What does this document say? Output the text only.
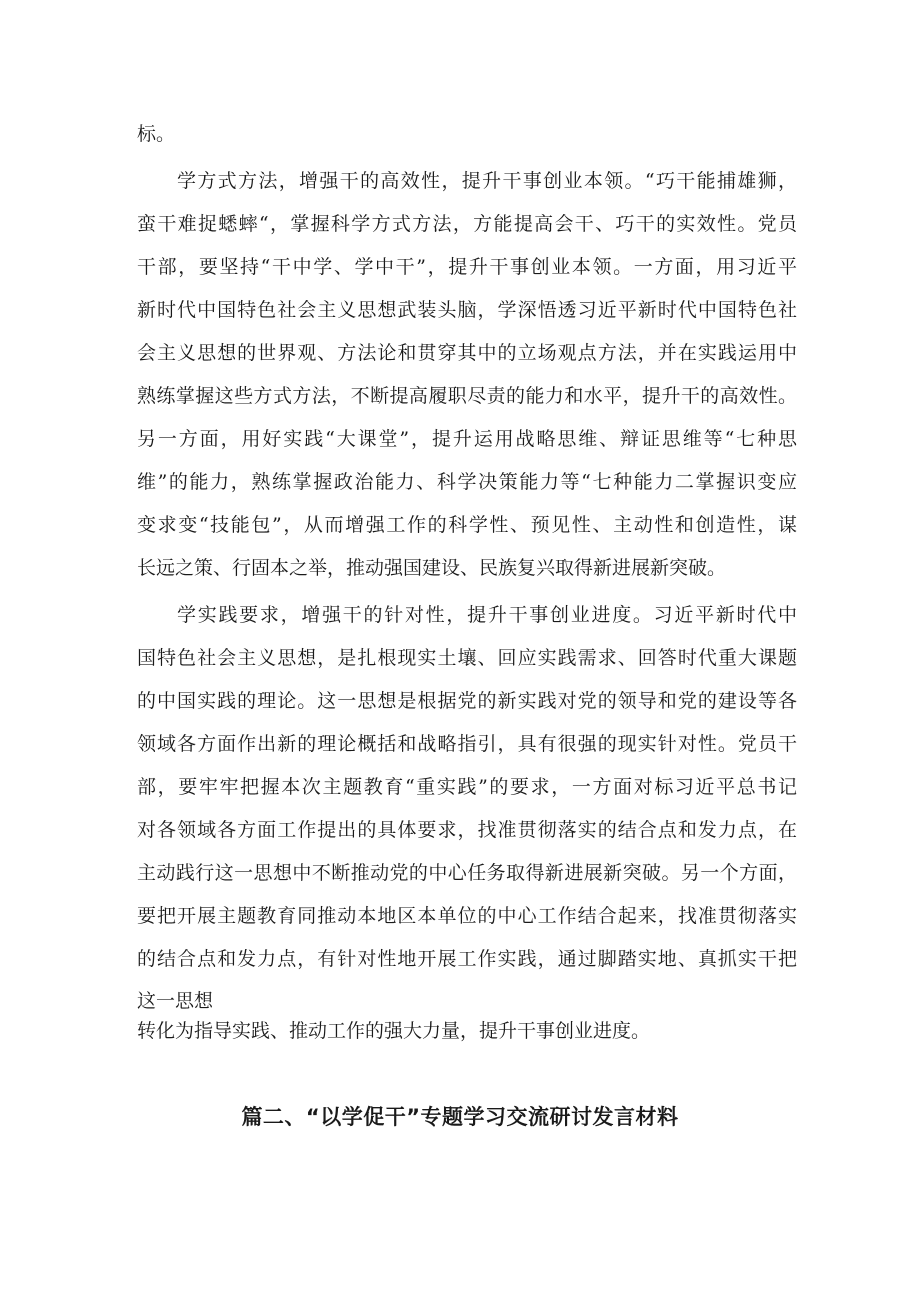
标。
学方式方法，增强干的高效性，提升干事创业本领。“巧干能捕雄狮，
蛮干难捉蟋蟀“，掌握科学方式方法，方能提高会干、巧干的实效性。党员
干部，要坚持“干中学、学中干”，提升干事创业本领。一方面，用习近平
新时代中国特色社会主义思想武装头脑，学深悟透习近平新时代中国特色社
会主义思想的世界观、方法论和贯穿其中的立场观点方法，并在实践运用中
熟练掌握这些方式方法，不断提高履职尽责的能力和水平，提升干的高效性。
另一方面，用好实践“大课堂”，提升运用战略思维、辩证思维等“七种思
维”的能力，熟练掌握政治能力、科学决策能力等“七种能力二掌握识变应
变求变“技能包”，从而增强工作的科学性、预见性、主动性和创造性，谋
长远之策、行固本之举，推动强国建设、民族复兴取得新进展新突破。
学实践要求，增强干的针对性，提升干事创业进度。习近平新时代中
国特色社会主义思想，是扎根现实土壤、回应实践需求、回答时代重大课题
的中国实践的理论。这一思想是根据党的新实践对党的领导和党的建设等各
领域各方面作出新的理论概括和战略指引，具有很强的现实针对性。党员干
部，要牢牢把握本次主题教育“重实践”的要求，一方面对标习近平总书记
对各领域各方面工作提出的具体要求，找准贯彻落实的结合点和发力点，在
主动践行这一思想中不断推动党的中心任务取得新进展新突破。另一个方面，
要把开展主题教育同推动本地区本单位的中心工作结合起来，找准贯彻落实
的结合点和发力点，有针对性地开展工作实践，通过脚踏实地、真抓实干把
这一思想
转化为指导实践、推动工作的强大力量，提升干事创业进度。
篇二、“以学促干”专题学习交流研讨发言材料
